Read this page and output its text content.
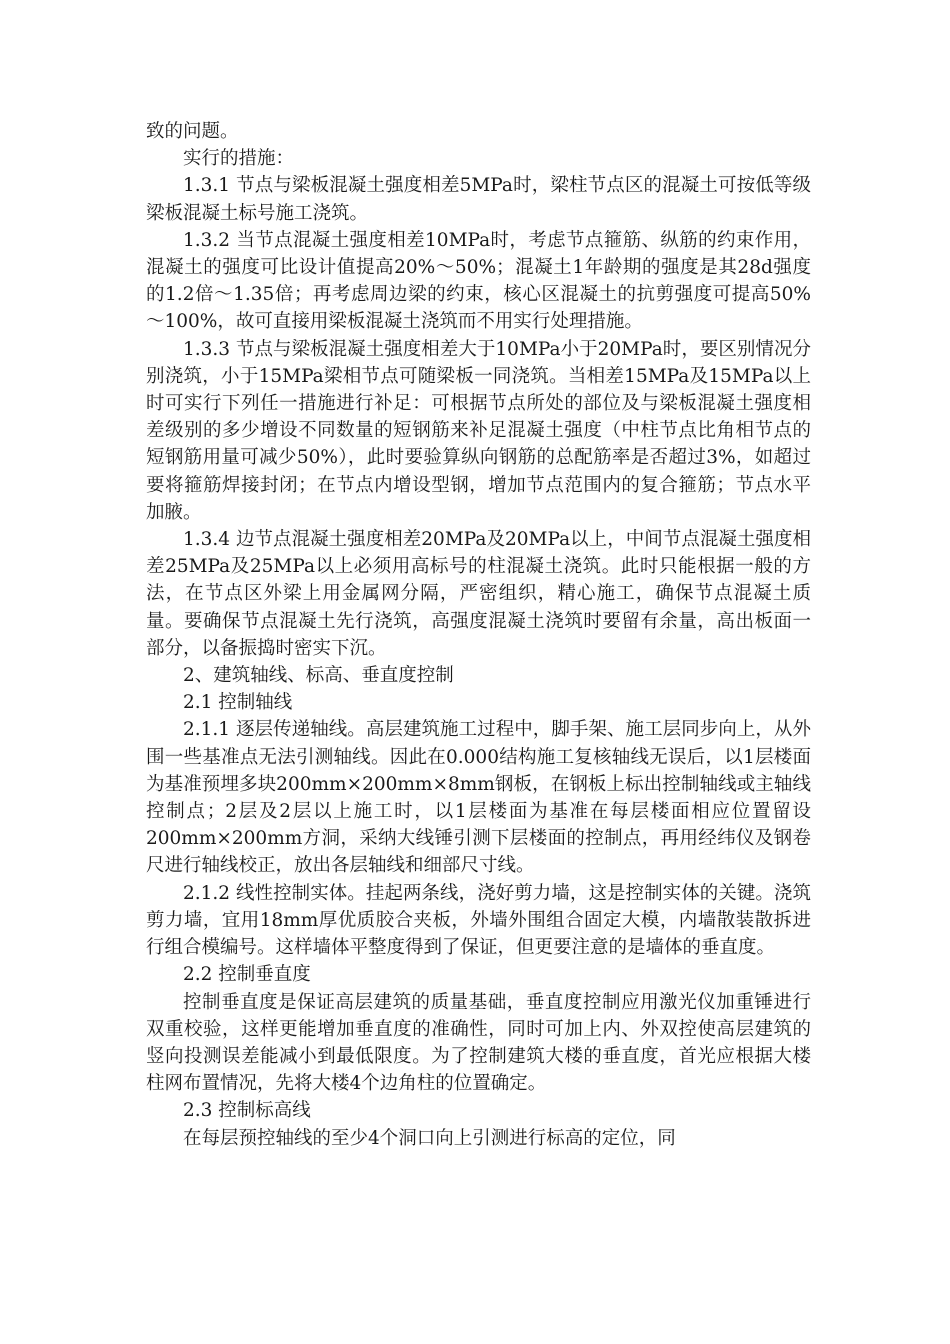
致的问题。

实行的措施：

1.3.1 节点与梁板混凝土强度相差5MPa时，梁柱节点区的混凝土可按低等级梁板混凝土标号施工浇筑。

1.3.2 当节点混凝土强度相差10MPa时，考虑节点箍筋、纵筋的约束作用，混凝土的强度可比设计值提高20%～50%；混凝土1年龄期的强度是其28d强度的1.2倍～1.35倍；再考虑周边梁的约束，核心区混凝土的抗剪强度可提高50%～100%，故可直接用梁板混凝土浇筑而不用实行处理措施。

1.3.3 节点与梁板混凝土强度相差大于10MPa小于20MPa时，要区别情况分别浇筑，小于15MPa梁相节点可随梁板一同浇筑。当相差15MPa及15MPa以上时可实行下列任一措施进行补足：可根据节点所处的部位及与梁板混凝土强度相差级别的多少增设不同数量的短钢筋来补足混凝土强度（中柱节点比角相节点的短钢筋用量可减少50%），此时要验算纵向钢筋的总配筋率是否超过3%，如超过要将箍筋焊接封闭；在节点内增设型钢，增加节点范围内的复合箍筋；节点水平加腋。

1.3.4 边节点混凝土强度相差20MPa及20MPa以上，中间节点混凝土强度相差25MPa及25MPa以上必须用高标号的柱混凝土浇筑。此时只能根据一般的方法，在节点区外梁上用金属网分隔，严密组织，精心施工，确保节点混凝土质量。要确保节点混凝土先行浇筑，高强度混凝土浇筑时要留有余量，高出板面一部分，以备振捣时密实下沉。

2、建筑轴线、标高、垂直度控制

2.1 控制轴线

2.1.1 逐层传递轴线。高层建筑施工过程中，脚手架、施工层同步向上，从外围一些基准点无法引测轴线。因此在0.000结构施工复核轴线无误后，以1层楼面为基准预埋多块200mm×200mm×8mm钢板，在钢板上标出控制轴线或主轴线控制点；2层及2层以上施工时，以1层楼面为基准在每层楼面相应位置留设200mm×200mm方洞，采纳大线锤引测下层楼面的控制点，再用经纬仪及钢卷尺进行轴线校正，放出各层轴线和细部尺寸线。

2.1.2 线性控制实体。挂起两条线，浇好剪力墙，这是控制实体的关键。浇筑剪力墙，宜用18mm厚优质胶合夹板，外墙外围组合固定大模，内墙散装散拆进行组合模编号。这样墙体平整度得到了保证，但更要注意的是墙体的垂直度。

2.2 控制垂直度

控制垂直度是保证高层建筑的质量基础，垂直度控制应用激光仪加重锤进行双重校验，这样更能增加垂直度的准确性，同时可加上内、外双控使高层建筑的竖向投测误差能减小到最低限度。为了控制建筑大楼的垂直度，首光应根据大楼柱网布置情况，先将大楼4个边角柱的位置确定。

2.3 控制标高线

在每层预控轴线的至少4个洞口向上引测进行标高的定位，同
